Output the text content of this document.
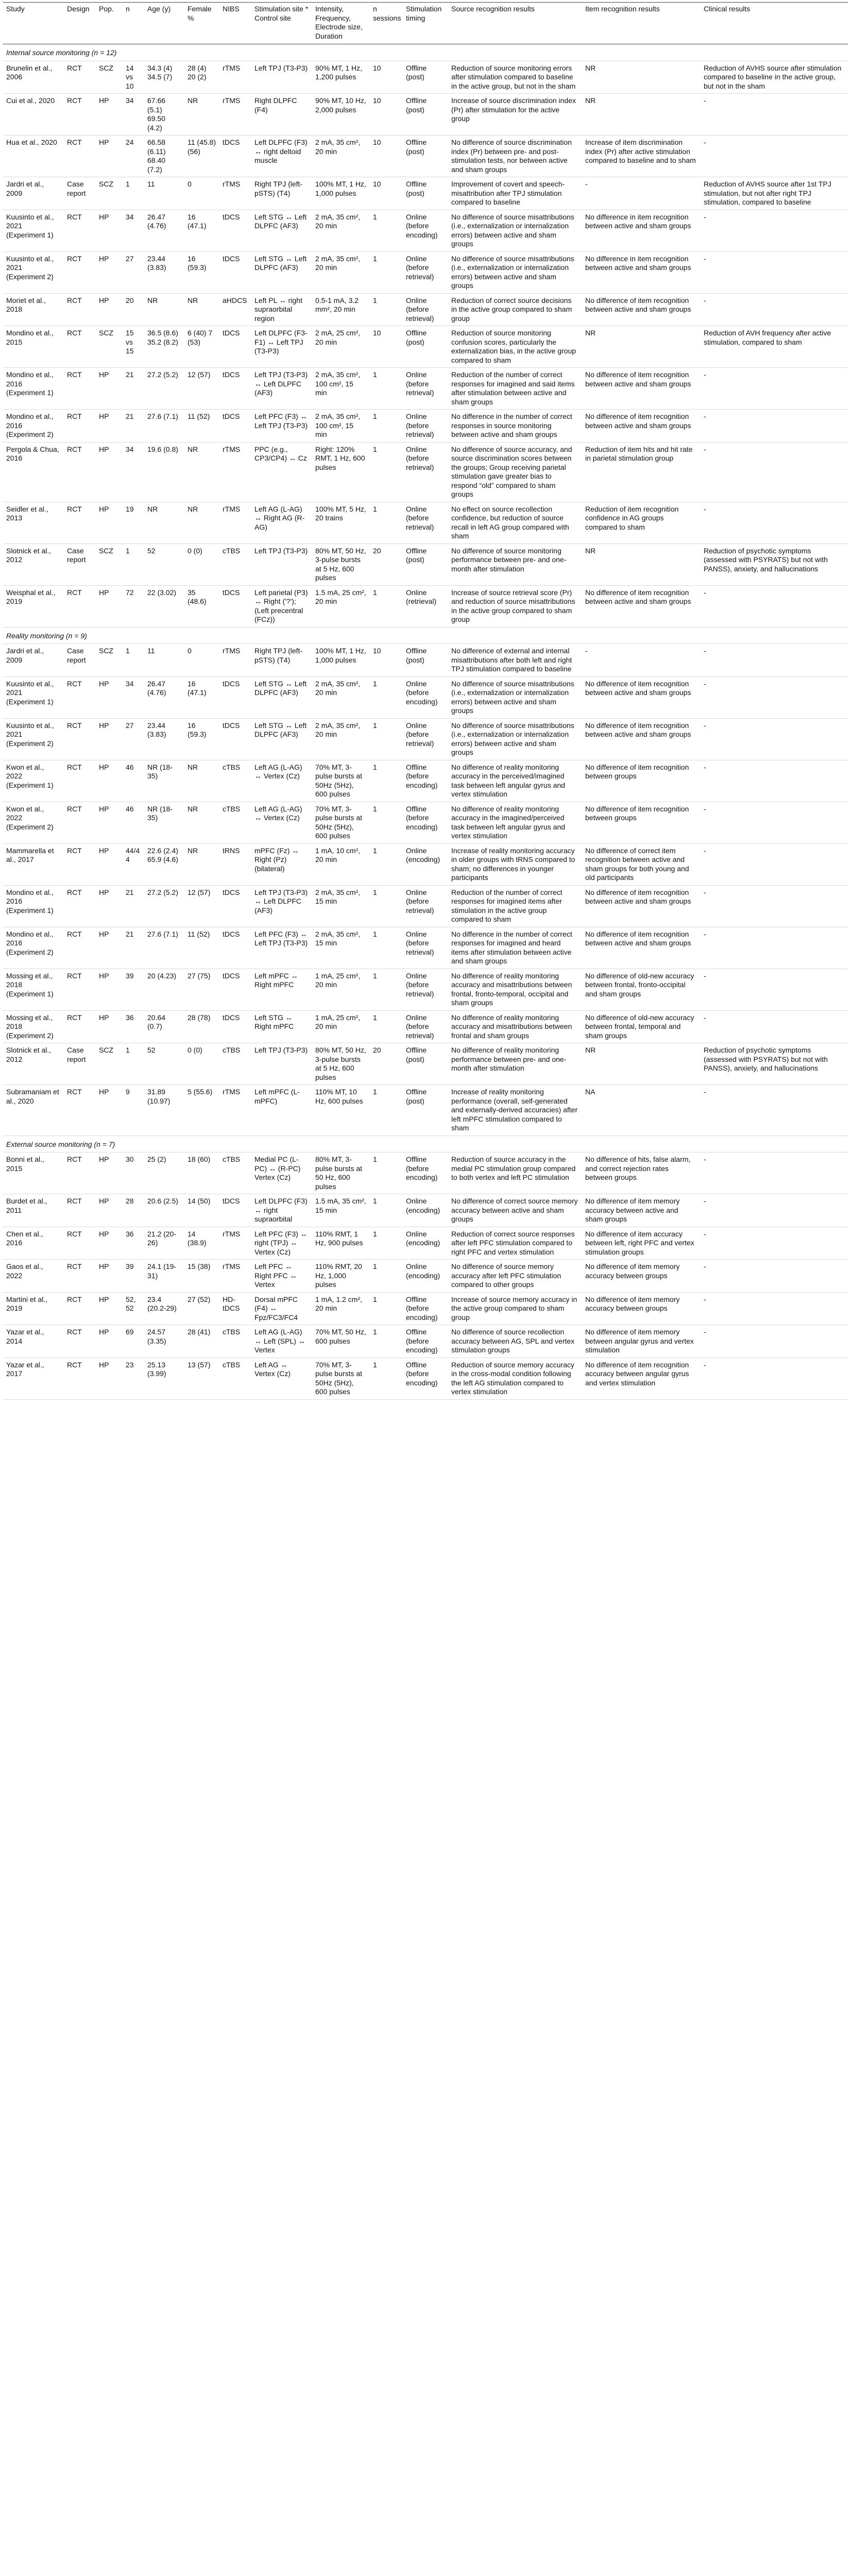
Study	Design	Pop.	n	Age (y)	Female %	NIBS	Stimulation site * Control site	Intensity, Frequency, Electrode size, Duration	n sessions	Stimulation timing	Source recognition results	Item recognition results	Clinical results
Internal source monitoring (n = 12)													
Brunelin et al., 2006	RCT	SCZ	14 vs 10	34.3 (4) 34.5 (7)	28 (4) 20 (2)	rTMS	Left TPJ (T3-P3)	90% MT, 1 Hz, 1,200 pulses	10	Offline (post)	Reduction of source monitoring errors after stimulation compared to baseline in the active group, but not in the sham	NR	Reduction of AVHS source after stimulation compared to baseline in the active group, but not in the sham
Cui et al., 2020	RCT	HP	34	67.66 (5.1) 69.50 (4.2)	NR	rTMS	Right DLPFC (F4)	90% MT, 10 Hz, 2,000 pulses	10	Offline (post)	Increase of source discrimination index (Pr) after stimulation for the active group	NR	-
Hua et al., 2020	RCT	HP	24	66.58 (6.11) 68.40 (7.2)	11 (45.8) (56)	tDCS	Left DLPFC (F3) ↔ right deltoid muscle	2 mA, 35 cm², 20 min	10	Offline (post)	No difference of source discrimination index (Pr) between pre- and post-stimulation tests, nor between active and sham groups	Increase of item discrimination index (Pr) after active stimulation compared to baseline and to sham	-
Jardri et al., 2009	Case report	SCZ	1	11	0	rTMS	Right TPJ (left-pSTS) (T4)	100% MT, 1 Hz, 1,000 pulses	10	Offline (post)	Improvement of covert and speech-misattribution after TPJ stimulation compared to baseline	-	Reduction of AVHS source after 1st TPJ stimulation, but not after right TPJ stimulation, compared to baseline
Kuusinto et al., 2021 (Experiment 1)	RCT	HP	34	26.47 (4.76)	16 (47.1)	tDCS	Left STG ↔ Left DLPFC (AF3)	2 mA, 35 cm², 20 min	1	Online (before encoding)	No difference of source misattributions (i.e., externalization or internalization errors) between active and sham groups	No difference in item recognition between active and sham groups	-
Kuusinto et al., 2021 (Experiment 2)	RCT	HP	27	23.44 (3.83)	16 (59.3)	tDCS	Left STG ↔ Left DLPFC (AF3)	2 mA, 35 cm², 20 min	1	Online (before retrieval)	No difference of source misattributions (i.e., externalization or internalization errors) between active and sham groups	No difference in item recognition between active and sham groups	-
Moriet et al., 2018	RCT	HP	20	NR	NR	aHDCS	Left PL ↔ right supraorbital region	0.5-1 mA, 3.2 mm², 20 min	1	Online (before retrieval)	Reduction of correct source decisions in the active group compared to sham group	No difference of item recognition between active and sham groups	-
Mondino et al., 2015	RCT	SCZ	15 vs 15	36.5 (8.6) 35.2 (8.2)	6 (40) 7 (53)	tDCS	Left DLPFC (F3-F1) ↔ Left TPJ (T3-P3)	2 mA, 25 cm², 20 min	10	Offline (post)	Reduction of source monitoring confusion scores, particularly the externalization bias, in the active group compared to sham	NR	Reduction of AVH frequency after active stimulation, compared to sham
Mondino et al., 2016 (Experiment 1)	RCT	HP	21	27.2 (5.2)	12 (57)	tDCS	Left TPJ (T3-P3) ↔ Left DLPFC (AF3)	2 mA, 35 cm², 100 cm², 15 min	1	Online (before retrieval)	Reduction of the number of correct responses for imagined and said items after stimulation between active and sham groups	No difference of item recognition between active and sham groups	-
Mondino et al., 2016 (Experiment 2)	RCT	HP	21	27.6 (7.1)	11 (52)	tDCS	Left PFC (F3) ↔ Left TPJ (T3-P3)	2 mA, 35 cm², 100 cm², 15 min	1	Online (before retrieval)	No difference in the number of correct responses in source monitoring between active and sham groups	No difference of item recognition between active and sham groups	-
Pergola & Chua, 2016	RCT	HP	34	19.6 (0.8)	NR	rTMS	PPC (e.g., CP3/CP4) ↔ Cz	Right: 120% RMT, 1 Hz, 600 pulses	1	Online (before retrieval)	No difference of source accuracy, and source discrimination scores between the groups; Group receiving parietal stimulation gave greater bias to respond “old” compared to sham groups	Reduction of item hits and hit rate in parietal stimulation group	-
Seidler et al., 2013	RCT	HP	19	NR	NR	rTMS	Left AG (L-AG) ↔ Right AG (R-AG)	100% MT, 5 Hz, 20 trains	1	Online (before retrieval)	No effect on source recollection confidence, but reduction of source recall in left AG group compared with sham	Reduction of item recognition confidence in AG groups compared to sham	-
Slotnick et al., 2012	Case report	SCZ	1	52	0 (0)	cTBS	Left TPJ (T3-P3)	80% MT, 50 Hz, 3-pulse bursts at 5 Hz, 600 pulses	20	Offline (post)	No difference of source monitoring performance between pre- and one-month after stimulation	NR	Reduction of psychotic symptoms (assessed with PSYRATS) but not with PANSS), anxiety, and hallucinations
Weisphal et al., 2019	RCT	HP	72	22 (3.02)	35 (48.6)	tDCS	Left parietal (P3) ↔ Right ('?'); (Left precentral (FCz))	1.5 mA, 25 cm², 20 min	1	Online (retrieval)	Increase of source retrieval score (Pr) and reduction of source misattributions in the active group compared to sham group	No difference of item recognition between active and sham groups	-
Reality monitoring (n = 9)													
Jardri et al., 2009	Case report	SCZ	1	11	0	rTMS	Right TPJ (left-pSTS) (T4)	100% MT, 1 Hz, 1,000 pulses	10	Offline (post)	No difference of external and internal misattributions after both left and right TPJ stimulation compared to baseline	-	-
Kuusinto et al., 2021 (Experiment 1)	RCT	HP	34	26.47 (4.76)	16 (47.1)	tDCS	Left STG ↔ Left DLPFC (AF3)	2 mA, 35 cm², 20 min	1	Online (before encoding)	No difference of source misattributions (i.e., externalization or internalization errors) between active and sham groups	No difference of item recognition between active and sham groups	-
Kuusinto et al., 2021 (Experiment 2)	RCT	HP	27	23.44 (3.83)	16 (59.3)	tDCS	Left STG ↔ Left DLPFC (AF3)	2 mA, 35 cm², 20 min	1	Online (before retrieval)	No difference of source misattributions (i.e., externalization or internalization errors) between active and sham groups	No difference of item recognition between active and sham groups	-
Kwon et al., 2022 (Experiment 1)	RCT	HP	46	NR (18-35)	NR	cTBS	Left AG (L-AG) ↔ Vertex (Cz)	70% MT, 3-pulse bursts at 50Hz (5Hz), 600 pulses	1	Offline (before encoding)	No difference of reality monitoring accuracy in the perceived/imagined task between left angular gyrus and vertex stimulation	No difference of item recognition between groups	-
Kwon et al., 2022 (Experiment 2)	RCT	HP	46	NR (18-35)	NR	cTBS	Left AG (L-AG) ↔ Vertex (Cz)	70% MT, 3-pulse bursts at 50Hz (5Hz), 600 pulses	1	Offline (before encoding)	No difference of reality monitoring accuracy in the imagined/perceived task between left angular gyrus and vertex stimulation	No difference of item recognition between groups	-
Mammarella et al., 2017	RCT	HP	44/44	22.6 (2.4) 65.9 (4.6)	NR	tRNS	mPFC (Fz) ↔ Right (Pz) (bilateral)	1 mA, 10 cm², 20 min	1	Online (encoding)	Increase of reality monitoring accuracy in older groups with tRNS compared to sham; no differences in younger participants	No difference of correct item recognition between active and sham groups for both young and old participants	-
Mondino et al., 2016 (Experiment 1)	RCT	HP	21	27.2 (5.2)	12 (57)	tDCS	Left TPJ (T3-P3) ↔ Left DLPFC (AF3)	2 mA, 35 cm², 15 min	1	Online (before retrieval)	Reduction of the number of correct responses for imagined items after stimulation in the active group compared to sham	No difference of item recognition between active and sham groups	-
Mondino et al., 2016 (Experiment 2)	RCT	HP	21	27.6 (7.1)	11 (52)	tDCS	Left PFC (F3) ↔ Left TPJ (T3-P3)	2 mA, 35 cm², 15 min	1	Online (before retrieval)	No difference in the number of correct responses for imagined and heard items after stimulation between active and sham groups	No difference of item recognition between active and sham groups	-
Mossing et al., 2018 (Experiment 1)	RCT	HP	39	20 (4.23)	27 (75)	tDCS	Left mPFC ↔ Right mPFC	1 mA, 25 cm², 20 min	1	Online (before retrieval)	No difference of reality monitoring accuracy and misattributions between frontal, fronto-temporal, occipital and sham groups	No difference of old-new accuracy between frontal, fronto-occipital and sham groups	-
Mossing et al., 2018 (Experiment 2)	RCT	HP	36	20.64 (0.7)	28 (78)	tDCS	Left STG ↔ Right mPFC	1 mA, 25 cm², 20 min	1	Online (before retrieval)	No difference of reality monitoring accuracy and misattributions between frontal and sham groups	No difference of old-new accuracy between frontal, temporal and sham groups	-
Slotnick et al., 2012	Case report	SCZ	1	52	0 (0)	cTBS	Left TPJ (T3-P3)	80% MT, 50 Hz, 3-pulse bursts at 5 Hz, 600 pulses	20	Offline (post)	No difference of reality monitoring performance between pre- and one-month after stimulation	NR	Reduction of psychotic symptoms (assessed with PSYRATS) but not with PANSS), anxiety, and hallucinations
Subramaniam et al., 2020	RCT	HP	9	31.89 (10.97)	5 (55.6)	rTMS	Left mPFC (L-mPFC)	110% MT, 10 Hz, 600 pulses	1	Offline (post)	Increase of reality monitoring performance (overall, self-generated and externally-derived accuracies) after left mPFC stimulation compared to sham	NA	-
External source monitoring (n = 7)													
Bonni et al., 2015	RCT	HP	30	25 (2)	18 (60)	cTBS	Medial PC (L-PC) ↔ (R-PC) Vertex (Cz)	80% MT, 3-pulse bursts at 50 Hz, 600 pulses	1	Offline (before encoding)	Reduction of source accuracy in the medial PC stimulation group compared to both vertex and left PC stimulation	No difference of hits, false alarm, and correct rejection rates between groups	-
Burdet et al., 2011	RCT	HP	28	20.6 (2.5)	14 (50)	tDCS	Left DLPFC (F3) ↔ right supraorbital	1.5 mA, 35 cm², 15 min	1	Online (encoding)	No difference of correct source memory accuracy between active and sham groups	No difference of item memory accuracy between active and sham groups	-
Chen et al., 2016	RCT	HP	36	21.2 (20-26)	14 (38.9)	rTMS	Left PFC (F3) ↔ right (TPJ) ↔ Vertex (Cz)	110% RMT, 1 Hz, 900 pulses	1	Online (encoding)	Reduction of correct source responses after left PFC stimulation compared to right PFC and vertex stimulation	No difference of item accuracy between left, right PFC and vertex stimulation groups	-
Gaos et al., 2022	RCT	HP	39	24.1 (19-31)	15 (38)	rTMS	Left PFC ↔ Right PFC ↔ Vertex	110% RMT, 20 Hz, 1,000 pulses	1	Online (encoding)	No difference of source memory accuracy after left PFC stimulation compared to other groups	No difference of item memory accuracy between groups	-
Martini et al., 2019	RCT	HP	52, 52	23.4 (20.2-29)	27 (52)	HD-tDCS	Dorsal mPFC (F4) ↔ Fpz/FC3/FC4	1 mA, 1.2 cm², 20 min	1	Offline (before encoding)	Increase of source memory accuracy in the active group compared to sham group	No difference of item memory accuracy between groups	-
Yazar et al., 2014	RCT	HP	69	24.57 (3.35)	28 (41)	cTBS	Left AG (L-AG) ↔ Left (SPL) ↔ Vertex	70% MT, 50 Hz, 600 pulses	1	Offline (before encoding)	No difference of source recollection accuracy between AG, SPL and vertex stimulation groups	No difference of item memory between angular gyrus and vertex stimulation	-
Yazar et al., 2017	RCT	HP	23	25.13 (3.99)	13 (57)	cTBS	Left AG ↔ Vertex (Cz)	70% MT, 3-pulse bursts at 50Hz (5Hz), 600 pulses	1	Offline (before encoding)	Reduction of source memory accuracy in the cross-modal condition following the left AG stimulation compared to vertex stimulation	No difference of item recognition accuracy between angular gyrus and vertex stimulation	-
